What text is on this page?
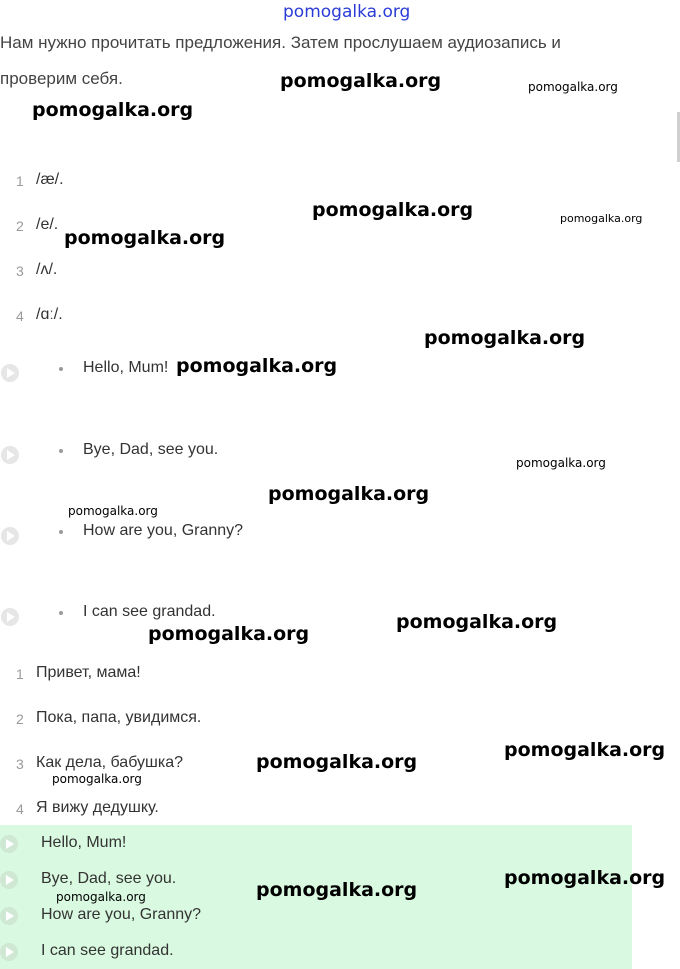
pomogalka.org
pomogalka.org	pomogalka.org
pomogalka.org
pomogalka.org	pomogalka.org
pomogalka.org
pomogalka.org
pomogalka.org
pomogalka.org
pomogalka.org
pomogalka.org
pomogalka.org
pomogalka.org
pomogalka.org
pomogalka.org
pomogalka.org
Нам нужно прочитать предложения. Затем прослушаем аудиозапись и
проверим себя.
1 /æ/.
2 /e/.
3 /ʌ/.
4 /ɑː/.
Hello, Mum!
Bye, Dad, see you.
How are you, Granny?
I can see grandad.
1 Привет, мама!
2 Пока, папа, увидимся.
3 Как дела, бабушка?
4 Я вижу дедушку.
Hello, Mum!
Bye, Dad, see you.
How are you, Granny?
I can see grandad.
pomogalka.org
pomogalka.org
pomogalka.org
